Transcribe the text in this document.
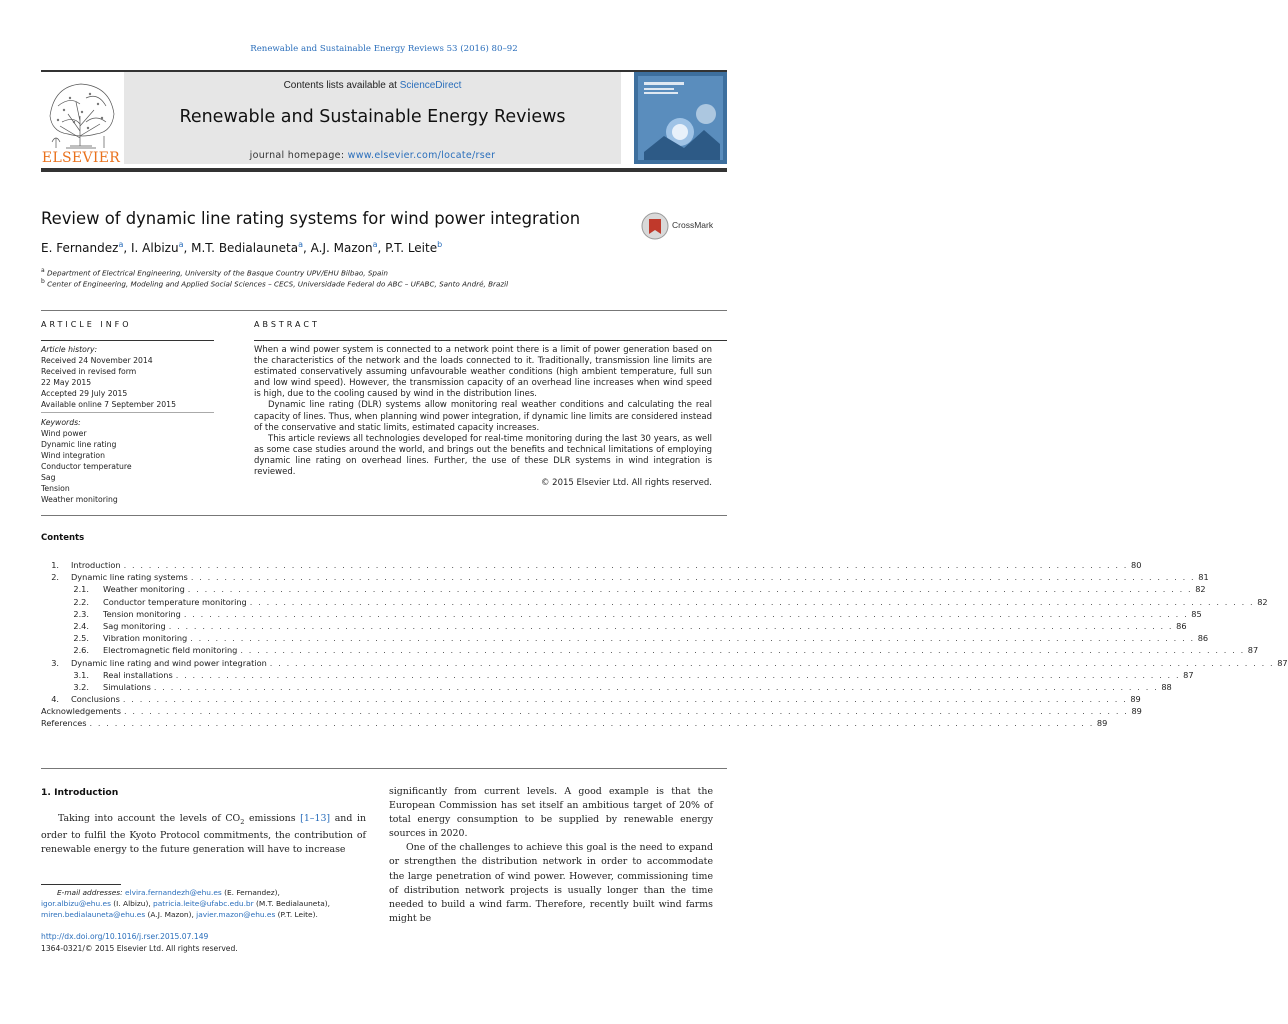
Renewable and Sustainable Energy Reviews 53 (2016) 80–92
ELSEVIER
Contents lists available at ScienceDirect
Renewable and Sustainable Energy Reviews
journal homepage: www.elsevier.com/locate/rser
Review of dynamic line rating systems for wind power integration	CrossMark
E. Fernandez$^a$, I. Albizu$^a$, M.T. Bedialauneta$^a$, A.J. Mazon$^a$, P.T. Leite$^b$
$^a$ Department of Electrical Engineering, University of the Basque Country UPV/EHU Bilbao, Spain
$^b$ Center of Engineering, Modeling and Applied Social Sciences – CECS, Universidade Federal do ABC – UFABC, Santo André, Brazil
ARTICLE INFO
Article history:
Received 24 November 2014
Received in revised form
22 May 2015
Accepted 29 July 2015
Available online 7 September 2015
Keywords:
Wind power
Dynamic line rating
Wind integration
Conductor temperature
Sag
Tension
Weather monitoring
ABSTRACT

When a wind power system is connected to a network point there is a limit of power generation based on the characteristics of the network and the loads connected to it. Traditionally, transmission line limits are estimated conservatively assuming unfavourable weather conditions (high ambient temperature, full sun and low wind speed). However, the transmission capacity of an overhead line increases when wind speed is high, due to the cooling caused by wind in the distribution lines.

Dynamic line rating (DLR) systems allow monitoring real weather conditions and calculating the real capacity of lines. Thus, when planning wind power integration, if dynamic line limits are considered instead of the conservative and static limits, estimated capacity increases.

This article reviews all technologies developed for real-time monitoring during the last 30 years, as well as some case studies around the world, and brings out the benefits and technical limitations of employing dynamic line rating on overhead lines. Further, the use of these DLR systems in wind integration is reviewed.

© 2015 Elsevier Ltd. All rights reserved.
Contents
1. Introduction . . . . . . . . . . . . . . . . . . . . . . . . . . . . . . . . . . . . . . . . . . . . . . . . . . . . . . . . . . . . . . . . . . . . . . . . . . . . . . . . . . . . . . . . . . . . . . . . . . . . . . . . . . . . . . . . . . . . . . . . 80
2. Dynamic line rating systems . . . . . . . . . . . . . . . . . . . . . . . . . . . . . . . . . . . . . . . . . . . . . . . . . . . . . . . . . . . . . . . . . . . . . . . . . . . . . . . . . . . . . . . . . . . . . . . . . . . . . . . . . . . . . . . . . . . . . . . . 81
2.1. Weather monitoring . . . . . . . . . . . . . . . . . . . . . . . . . . . . . . . . . . . . . . . . . . . . . . . . . . . . . . . . . . . . . . . . . . . . . . . . . . . . . . . . . . . . . . . . . . . . . . . . . . . . . . . . . . . . . . . . . . . . . . . . 82
2.2. Conductor temperature monitoring . . . . . . . . . . . . . . . . . . . . . . . . . . . . . . . . . . . . . . . . . . . . . . . . . . . . . . . . . . . . . . . . . . . . . . . . . . . . . . . . . . . . . . . . . . . . . . . . . . . . . . . . . . . . . . . . . . . . . . . . 82
2.3. Tension monitoring . . . . . . . . . . . . . . . . . . . . . . . . . . . . . . . . . . . . . . . . . . . . . . . . . . . . . . . . . . . . . . . . . . . . . . . . . . . . . . . . . . . . . . . . . . . . . . . . . . . . . . . . . . . . . . . . . . . . . . . . 85
2.4. Sag monitoring . . . . . . . . . . . . . . . . . . . . . . . . . . . . . . . . . . . . . . . . . . . . . . . . . . . . . . . . . . . . . . . . . . . . . . . . . . . . . . . . . . . . . . . . . . . . . . . . . . . . . . . . . . . . . . . . . . . . . . . . 86
2.5. Vibration monitoring . . . . . . . . . . . . . . . . . . . . . . . . . . . . . . . . . . . . . . . . . . . . . . . . . . . . . . . . . . . . . . . . . . . . . . . . . . . . . . . . . . . . . . . . . . . . . . . . . . . . . . . . . . . . . . . . . . . . . . . . 86
2.6. Electromagnetic field monitoring . . . . . . . . . . . . . . . . . . . . . . . . . . . . . . . . . . . . . . . . . . . . . . . . . . . . . . . . . . . . . . . . . . . . . . . . . . . . . . . . . . . . . . . . . . . . . . . . . . . . . . . . . . . . . . . . . . . . . . . . 87
3. Dynamic line rating and wind power integration . . . . . . . . . . . . . . . . . . . . . . . . . . . . . . . . . . . . . . . . . . . . . . . . . . . . . . . . . . . . . . . . . . . . . . . . . . . . . . . . . . . . . . . . . . . . . . . . . . . . . . . . . . . . . . . . . . . . . . . . 87
3.1. Real installations . . . . . . . . . . . . . . . . . . . . . . . . . . . . . . . . . . . . . . . . . . . . . . . . . . . . . . . . . . . . . . . . . . . . . . . . . . . . . . . . . . . . . . . . . . . . . . . . . . . . . . . . . . . . . . . . . . . . . . . . 87
3.2. Simulations . . . . . . . . . . . . . . . . . . . . . . . . . . . . . . . . . . . . . . . . . . . . . . . . . . . . . . . . . . . . . . . . . . . . . . . . . . . . . . . . . . . . . . . . . . . . . . . . . . . . . . . . . . . . . . . . . . . . . . . . 88
4. Conclusions . . . . . . . . . . . . . . . . . . . . . . . . . . . . . . . . . . . . . . . . . . . . . . . . . . . . . . . . . . . . . . . . . . . . . . . . . . . . . . . . . . . . . . . . . . . . . . . . . . . . . . . . . . . . . . . . . . . . . . . . 89
Acknowledgements . . . . . . . . . . . . . . . . . . . . . . . . . . . . . . . . . . . . . . . . . . . . . . . . . . . . . . . . . . . . . . . . . . . . . . . . . . . . . . . . . . . . . . . . . . . . . . . . . . . . . . . . . . . . . . . . . . . . . . . . 89
References . . . . . . . . . . . . . . . . . . . . . . . . . . . . . . . . . . . . . . . . . . . . . . . . . . . . . . . . . . . . . . . . . . . . . . . . . . . . . . . . . . . . . . . . . . . . . . . . . . . . . . . . . . . . . . . . . . . . . . . . 89
1. Introduction

Taking into account the levels of $CO_2$ emissions [1–13] and in order to fulfil the Kyoto Protocol commitments, the contribution of renewable energy to the future generation will have to increase

significantly from current levels. A good example is that the European Commission has set itself an ambitious target of 20% of total energy consumption to be supplied by renewable energy sources in 2020.

One of the challenges to achieve this goal is the need to expand or strengthen the distribution network in order to accommodate the large penetration of wind power. However, commissioning time of distribution network projects is usually longer than the time needed to build a wind farm. Therefore, recently built wind farms might be

E-mail addresses: elvira.fernandezh@ehu.es (E. Fernandez),
igor.albizu@ehu.es (I. Albizu), patricia.leite@ufabc.edu.br (M.T. Bedialauneta),
miren.bedialauneta@ehu.es (A.J. Mazon), javier.mazon@ehu.es (P.T. Leite).
http://dx.doi.org/10.1016/j.rser.2015.07.149
1364-0321/© 2015 Elsevier Ltd. All rights reserved.
